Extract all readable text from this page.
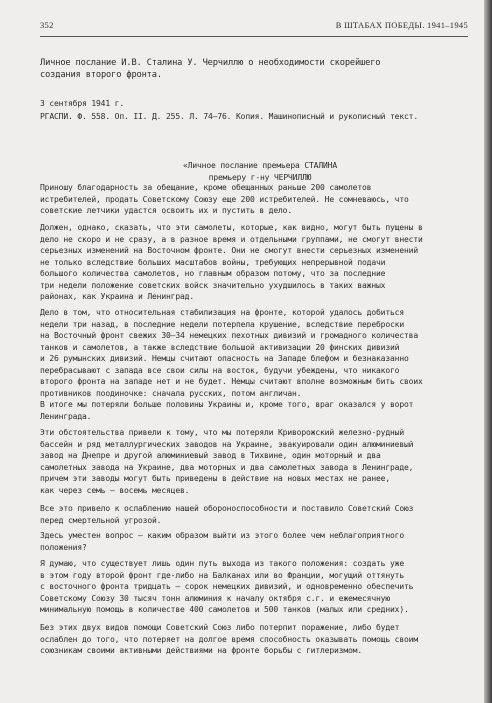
352	В ШТАБАХ ПОБЕДЫ. 1941–1945
Личное послание И.В. Сталина У. Черчиллю о необходимости скорейшего
создания второго фронта.
3 сентября 1941 г.
РГАСПИ. Ф. 558. Оп. II. Д. 255. Л. 74–76. Копия. Машинописный и рукописный текст.
«Личное послание премьера СТАЛИНА
премьеру г-ну ЧЕРЧИЛЛЮ
Приношу благодарность за обещание, кроме обещанных раньше 200 самолетов
истребителей, продать Советскому Союзу еще 200 истребителей. Не сомневаюсь, что
советские летчики удастся освоить их и пустить в дело.
Должен, однако, сказать, что эти самолеты, которые, как видно, могут быть пущены в
дело не скоро и не сразу, а в разное время и отдельными группами, не смогут внести
серьезных изменений на Восточном фронте. Они не смогут внести серьезных изменений
не только вследствие больших масштабов войны, требующих непрерывной подачи
большого количества самолетов, но главным образом потому, что за последние
три недели положение советских войск значительно ухудшилось в таких важных
районах, как Украина и Ленинград.
Дело в том, что относительная стабилизация на фронте, которой удалось добиться
недели три назад, в последние недели потерпела крушение, вследствие переброски
на Восточный фронт свежих 30–34 немецких пехотных дивизий и громадного количества
танков и самолетов, а также вследствие большой активизации 20 финских дивизий
и 26 румынских дивизий. Немцы считают опасность на Западе блефом и безнаказанно
перебрасывают с запада все свои силы на восток, будучи убеждены, что никакого
второго фронта на западе нет и не будет. Немцы считают вполне возможным бить своих
противников поодиночке: сначала русских, потом англичан.
В итоге мы потеряли больше половины Украины и, кроме того, враг оказался у ворот
Ленинграда.
Эти обстоятельства привели к тому, что мы потеряли Криворожский железно-рудный
бассейн и ряд металлургических заводов на Украине, эвакуировали один алюминиевый
завод на Днепре и другой алюминиевый завод в Тихвине, один моторный и два
самолетных завода на Украине, два моторных и два самолетных завода в Ленинграде,
причем эти заводы могут быть приведены в действие на новых местах не ранее,
как через семь – восемь месяцев.
Все это привело к ослаблению нашей обороноспособности и поставило Советский Союз
перед смертельной угрозой.
Здесь уместен вопрос – каким образом выйти из этого более чем неблагоприятного
положения?
Я думаю, что существует лишь один путь выхода из такого положения: создать уже
в этом году второй фронт где-либо на Балканах или во Франции, могущий оттянуть
с восточного фронта тридцать – сорок немецких дивизий, и одновременно обеспечить
Советскому Союзу 30 тысяч тонн алюминия к началу октября с.г. и ежемесячную
минимальную помощь в количестве 400 самолетов и 500 танков (малых или средних).
Без этих двух видов помощи Советский Союз либо потерпит поражение, либо будет
ослаблен до того, что потеряет на долгое время способность оказывать помощь своим
союзникам своими активными действиями на фронте борьбы с гитлеризмом.
